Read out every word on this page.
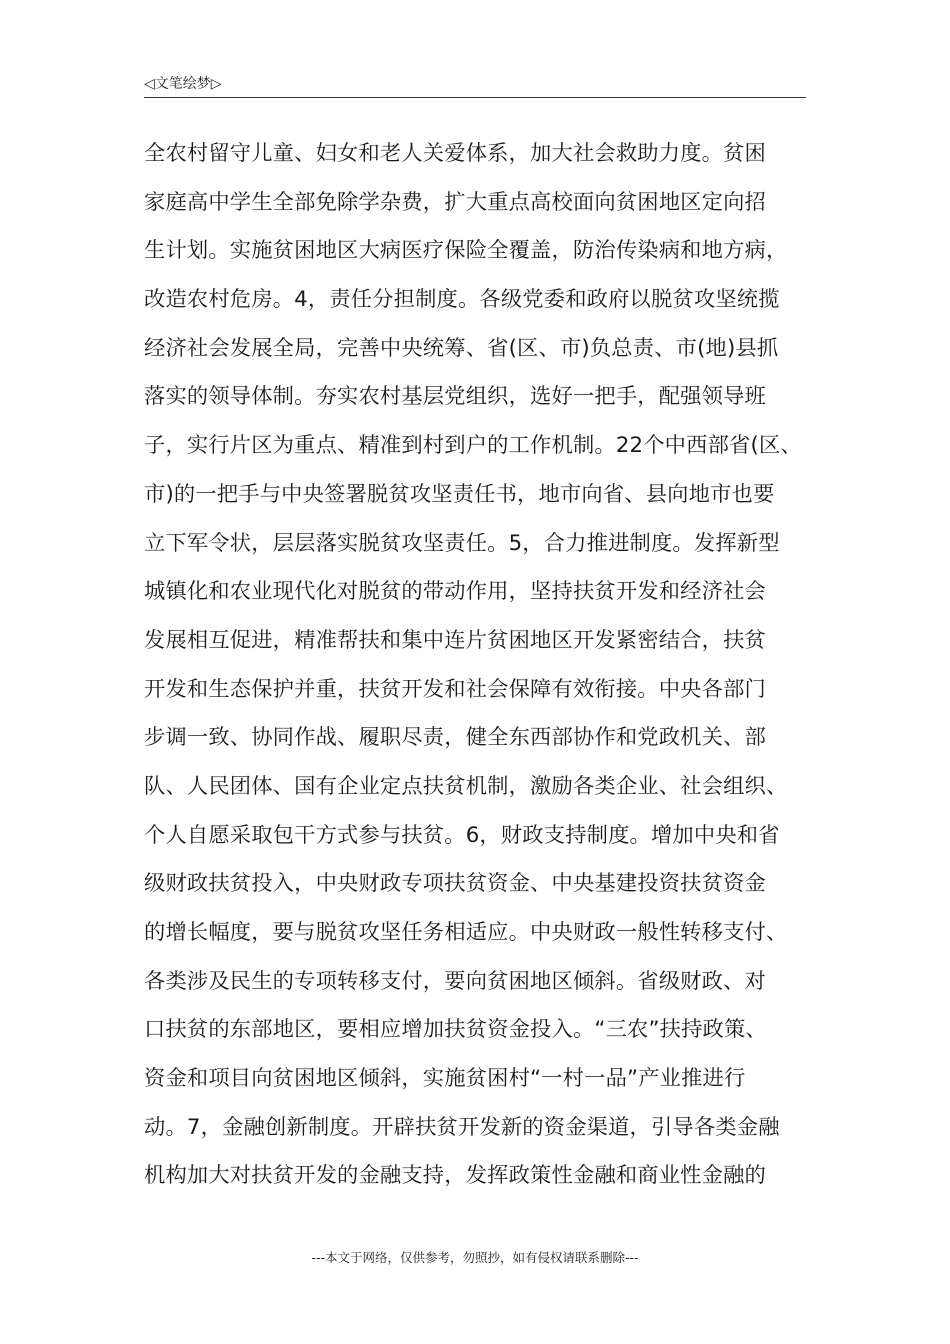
◁文笔绘梦▷
全农村留守儿童、妇女和老人关爱体系，加大社会救助力度。贫困
家庭高中学生全部免除学杂费，扩大重点高校面向贫困地区定向招
生计划。实施贫困地区大病医疗保险全覆盖，防治传染病和地方病，
改造农村危房。4，责任分担制度。各级党委和政府以脱贫攻坚统揽
经济社会发展全局，完善中央统筹、省(区、市)负总责、市(地)县抓
落实的领导体制。夯实农村基层党组织，选好一把手，配强领导班
子，实行片区为重点、精准到村到户的工作机制。22个中西部省(区、
市)的一把手与中央签署脱贫攻坚责任书，地市向省、县向地市也要
立下军令状，层层落实脱贫攻坚责任。5，合力推进制度。发挥新型
城镇化和农业现代化对脱贫的带动作用，坚持扶贫开发和经济社会
发展相互促进，精准帮扶和集中连片贫困地区开发紧密结合，扶贫
开发和生态保护并重，扶贫开发和社会保障有效衔接。中央各部门
步调一致、协同作战、履职尽责，健全东西部协作和党政机关、部
队、人民团体、国有企业定点扶贫机制，激励各类企业、社会组织、
个人自愿采取包干方式参与扶贫。6，财政支持制度。增加中央和省
级财政扶贫投入，中央财政专项扶贫资金、中央基建投资扶贫资金
的增长幅度，要与脱贫攻坚任务相适应。中央财政一般性转移支付、
各类涉及民生的专项转移支付，要向贫困地区倾斜。省级财政、对
口扶贫的东部地区，要相应增加扶贫资金投入。“三农”扶持政策、
资金和项目向贫困地区倾斜，实施贫困村“一村一品”产业推进行
动。7，金融创新制度。开辟扶贫开发新的资金渠道，引导各类金融
机构加大对扶贫开发的金融支持，发挥政策性金融和商业性金融的
---本文于网络，仅供参考，勿照抄，如有侵权请联系删除---
